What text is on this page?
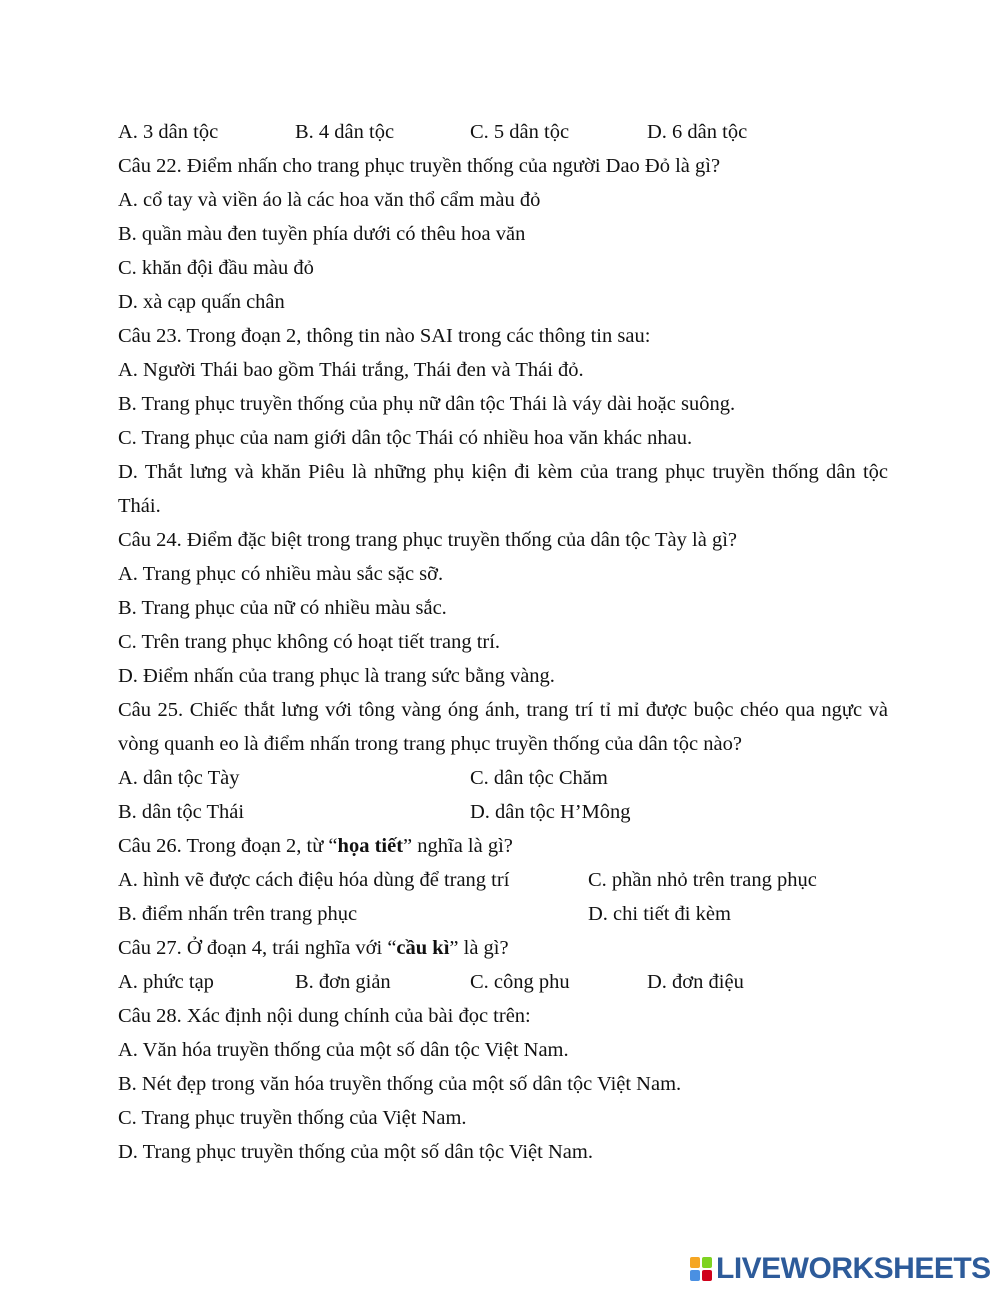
A. 3 dân tộc	B. 4 dân tộc	C. 5 dân tộc	D. 6 dân tộc
Câu 22. Điểm nhấn cho trang phục truyền thống của người Dao Đỏ là gì?
A. cổ tay và viền áo là các hoa văn thổ cẩm màu đỏ
B. quần màu đen tuyền phía dưới có thêu hoa văn
C. khăn đội đầu màu đỏ
D. xà cạp quấn chân
Câu 23. Trong đoạn 2, thông tin nào SAI trong các thông tin sau:
A. Người Thái bao gồm Thái trắng, Thái đen và Thái đỏ.
B. Trang phục truyền thống của phụ nữ dân tộc Thái là váy dài hoặc suông.
C. Trang phục của nam giới dân tộc Thái có nhiều hoa văn khác nhau.
D. Thắt lưng và khăn Piêu là những phụ kiện đi kèm của trang phục truyền thống dân tộc Thái.
Câu 24. Điểm đặc biệt trong trang phục truyền thống của dân tộc Tày là gì?
A. Trang phục có nhiều màu sắc sặc sỡ.
B. Trang phục của nữ có nhiều màu sắc.
C. Trên trang phục không có hoạt tiết trang trí.
D. Điểm nhấn của trang phục là trang sức bằng vàng.
Câu 25. Chiếc thắt lưng với tông vàng óng ánh, trang trí tỉ mỉ được buộc chéo qua ngực và vòng quanh eo là điểm nhấn trong trang phục truyền thống của dân tộc nào?
A. dân tộc Tày	C. dân tộc Chăm
B. dân tộc Thái	D. dân tộc H’Mông
Câu 26. Trong đoạn 2, từ “họa tiết” nghĩa là gì?
A. hình vẽ được cách điệu hóa dùng để trang trí	C. phần nhỏ trên trang phục
B. điểm nhấn trên trang phục	D. chi tiết đi kèm
Câu 27. Ở đoạn 4, trái nghĩa với “cầu kì” là gì?
A. phức tạp	B. đơn giản	C. công phu	D. đơn điệu
Câu 28. Xác định nội dung chính của bài đọc trên:
A. Văn hóa truyền thống của một số dân tộc Việt Nam.
B. Nét đẹp trong văn hóa truyền thống của một số dân tộc Việt Nam.
C. Trang phục truyền thống của Việt Nam.
D. Trang phục truyền thống của một số dân tộc Việt Nam.
LIVEWORKSHEETS
